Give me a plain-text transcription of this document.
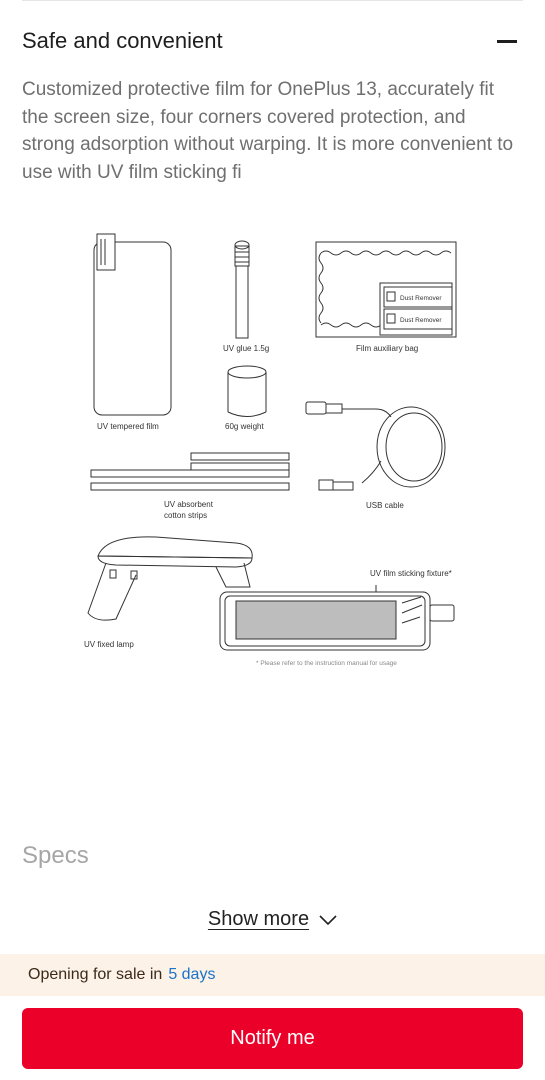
Safe and convenient
Customized protective film for OnePlus 13, accurately fit the screen size, four corners covered protection, and strong adsorption without warping. It is more convenient to use with UV film sticking fi
UV tempered film
UV glue 1.5g
60g weight
Dust Remover
Dust Remover
Film auxiliary bag
UV absorbent
cotton strips
USB cable
UV fixed lamp
UV film sticking fixture*
* Please refer to the instruction manual for usage
Specs
Show more
Opening for sale in 5 days
Notify me
